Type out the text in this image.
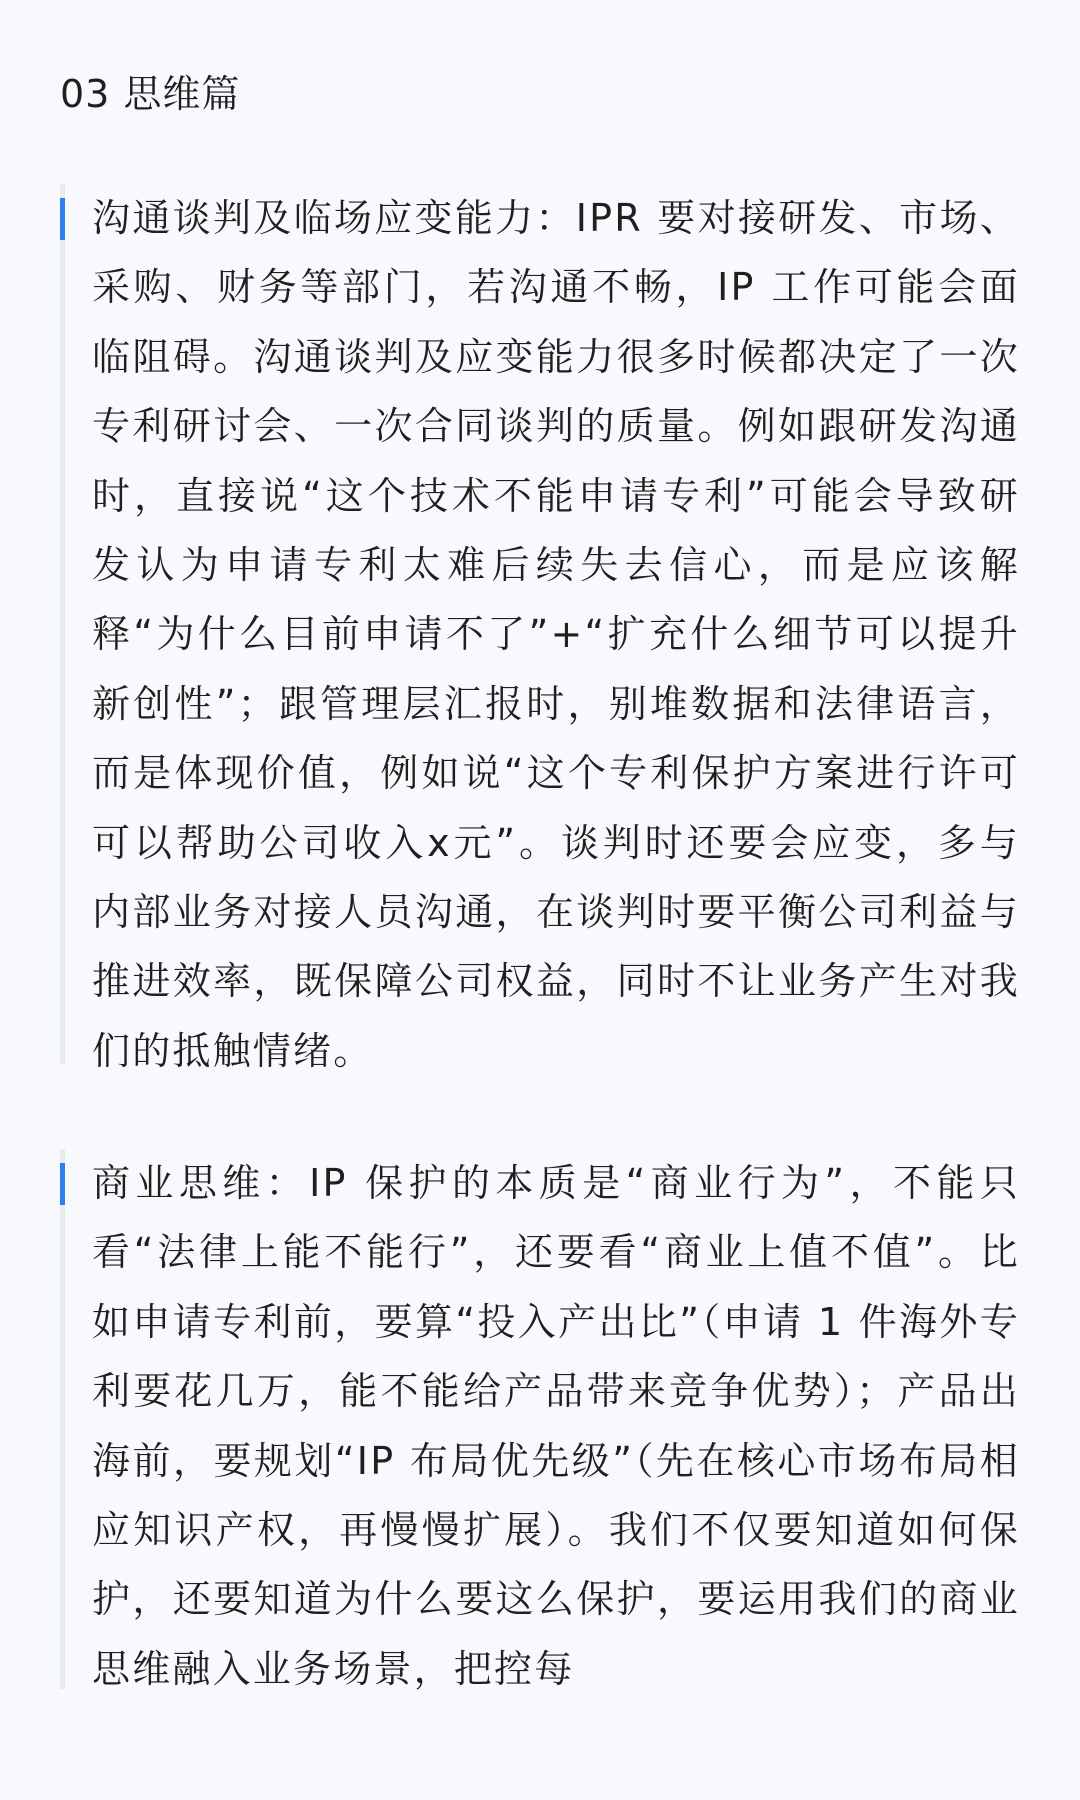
03 思维篇

沟通谈判及临场应变能力：IPR 要对接研发、市场、采购、财务等部门，若沟通不畅，IP 工作可能会面临阻碍。沟通谈判及应变能力很多时候都决定了一次专利研讨会、一次合同谈判的质量。例如跟研发沟通时，直接说“这个技术不能申请专利”可能会导致研发认为申请专利太难后续失去信心，而是应该解释“为什么目前申请不了”+“扩充什么细节可以提升新创性”；跟管理层汇报时，别堆数据和法律语言，而是体现价值，例如说“这个专利保护方案进行许可可以帮助公司收入x元”。谈判时还要会应变，多与内部业务对接人员沟通，在谈判时要平衡公司利益与推进效率，既保障公司权益，同时不让业务产生对我们的抵触情绪。

商业思维：IP 保护的本质是“商业行为”，不能只看“法律上能不能行”，还要看“商业上值不值”。比如申请专利前，要算“投入产出比”（申请 1 件海外专利要花几万，能不能给产品带来竞争优势）；产品出海前，要规划“IP 布局优先级”（先在核心市场布局相应知识产权，再慢慢扩展）。我们不仅要知道如何保护，还要知道为什么要这么保护，要运用我们的商业思维融入业务场景，把控每
